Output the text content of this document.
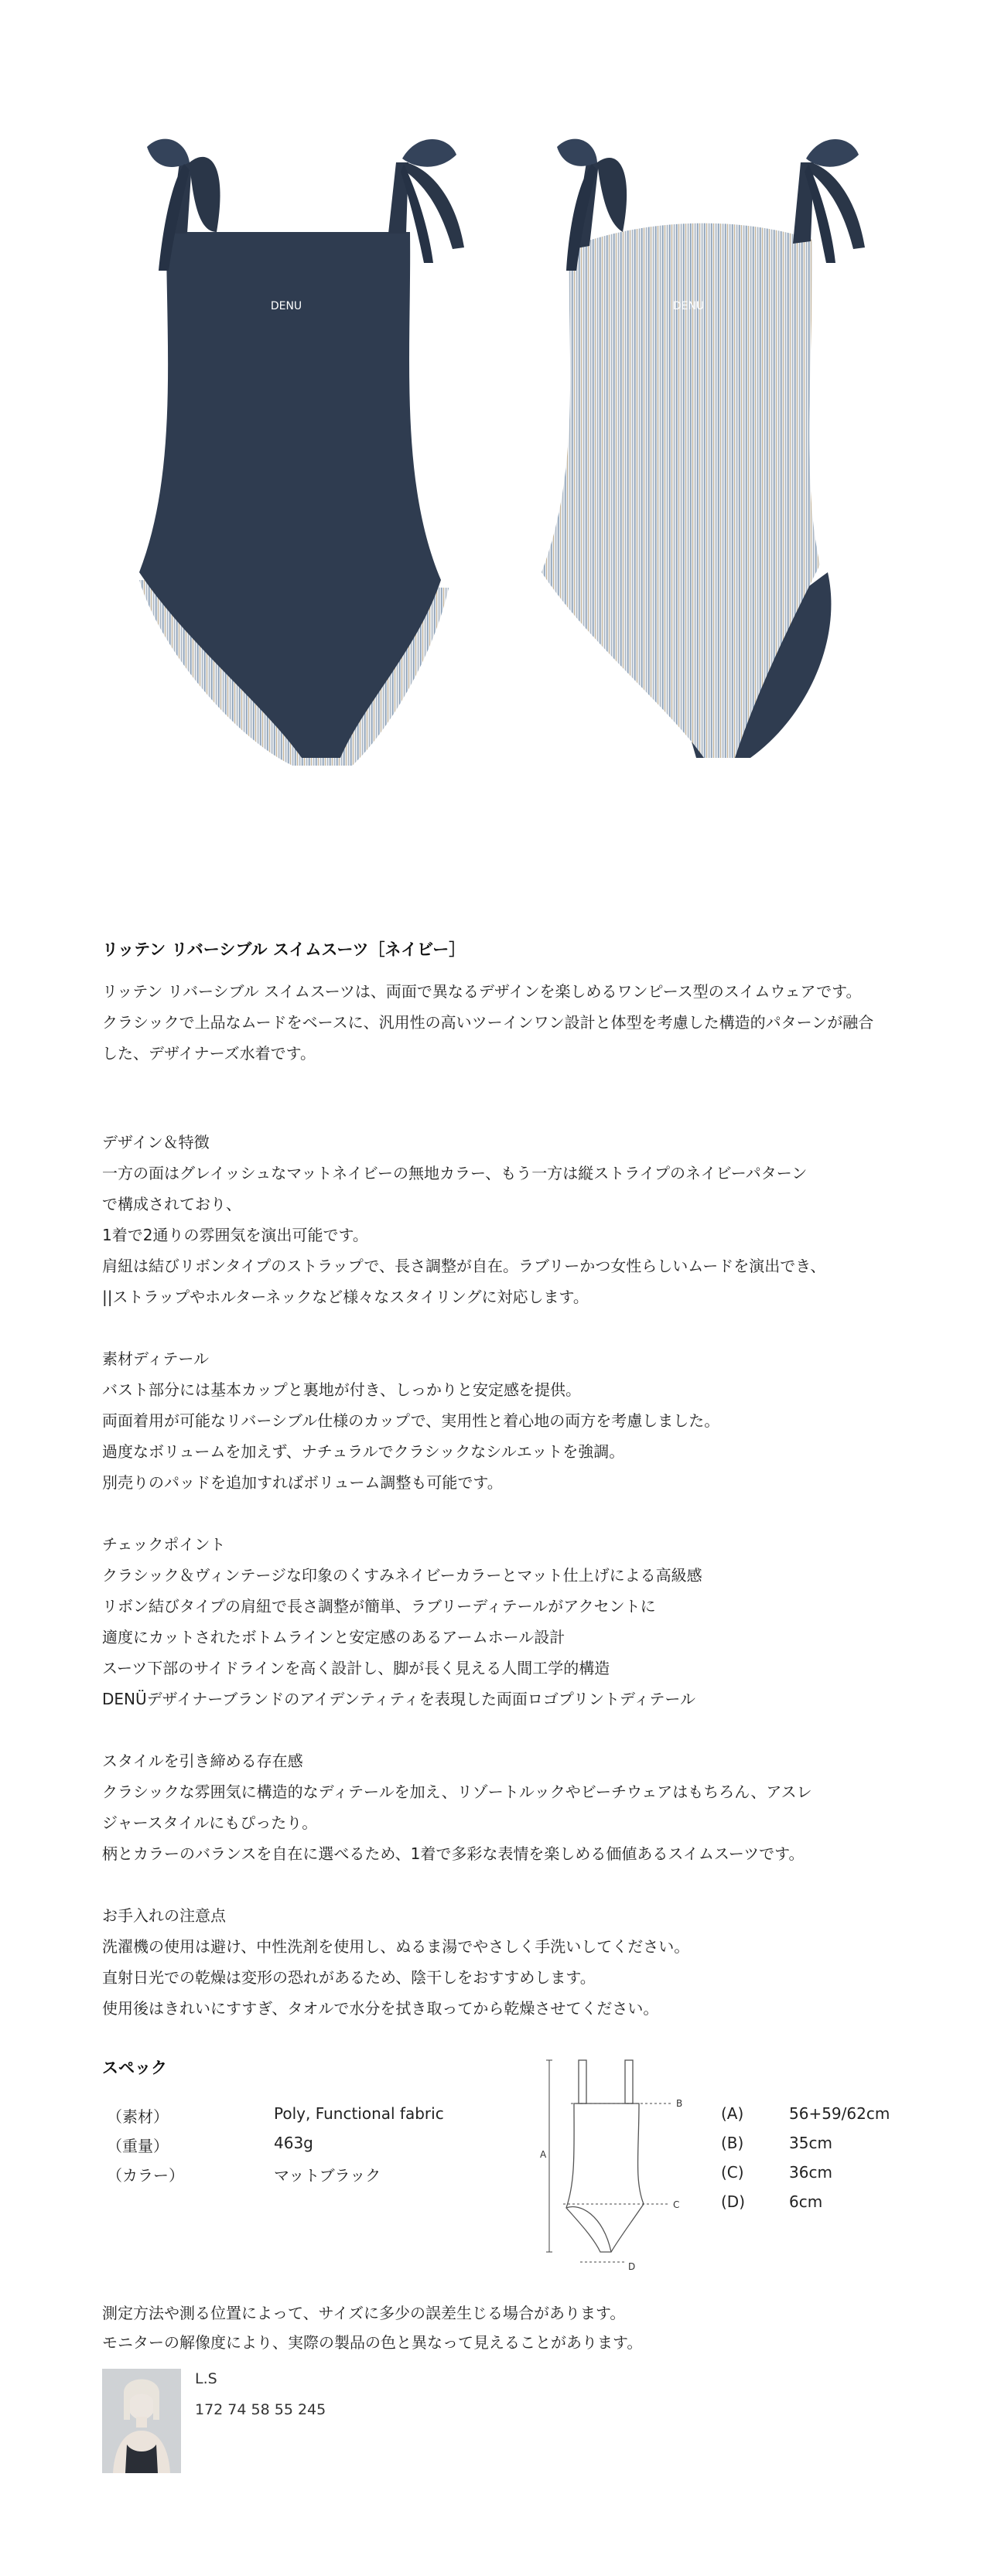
DENU	DENU
リッテン リバーシブル スイムスーツ［ネイビー］

リッテン リバーシブル スイムスーツは、両面で異なるデザインを楽しめるワンピース型のスイムウェアです。

クラシックで上品なムードをベースに、汎用性の高いツーインワン設計と体型を考慮した構造的パターンが融合した、デザイナーズ水着です。

デザイン＆特徴

一方の面はグレイッシュなマットネイビーの無地カラー、もう一方は縦ストライプのネイビーパターン

で構成されており、

1着で2通りの雰囲気を演出可能です。

肩紐は結びリボンタイプのストラップで、長さ調整が自在。ラブリーかつ女性らしいムードを演出でき、

||ストラップやホルターネックなど様々なスタイリングに対応します。

素材ディテール

バスト部分には基本カップと裏地が付き、しっかりと安定感を提供。

両面着用が可能なリバーシブル仕様のカップで、実用性と着心地の両方を考慮しました。

過度なボリュームを加えず、ナチュラルでクラシックなシルエットを強調。

別売りのパッドを追加すればボリューム調整も可能です。

チェックポイント

クラシック＆ヴィンテージな印象のくすみネイビーカラーとマット仕上げによる高級感

リボン結びタイプの肩紐で長さ調整が簡単、ラブリーディテールがアクセントに

適度にカットされたボトムラインと安定感のあるアームホール設計

スーツ下部のサイドラインを高く設計し、脚が長く見える人間工学的構造

DENÜデザイナーブランドのアイデンティティを表現した両面ロゴプリントディテール

スタイルを引き締める存在感

クラシックな雰囲気に構造的なディテールを加え、リゾートルックやビーチウェアはもちろん、アスレ

ジャースタイルにもぴったり。

柄とカラーのバランスを自在に選べるため、1着で多彩な表情を楽しめる価値あるスイムスーツです。

お手入れの注意点

洗濯機の使用は避け、中性洗剤を使用し、ぬるま湯でやさしく手洗いしてください。

直射日光での乾燥は変形の恐れがあるため、陰干しをおすすめします。

使用後はきれいにすすぎ、タオルで水分を拭き取ってから乾燥させてください。

スペック
（素材）	Poly, Functional fabric
（重量）	463g
（カラー）	マットブラック
A
B
C
D
(A)	56+59/62cm
(B)	35cm
(C)	36cm
(D)	6cm
測定方法や測る位置によって、サイズに多少の誤差生じる場合があります。
モニターの解像度により、実際の製品の色と異なって見えることがあります。
L.S
172 74 58 55 245
